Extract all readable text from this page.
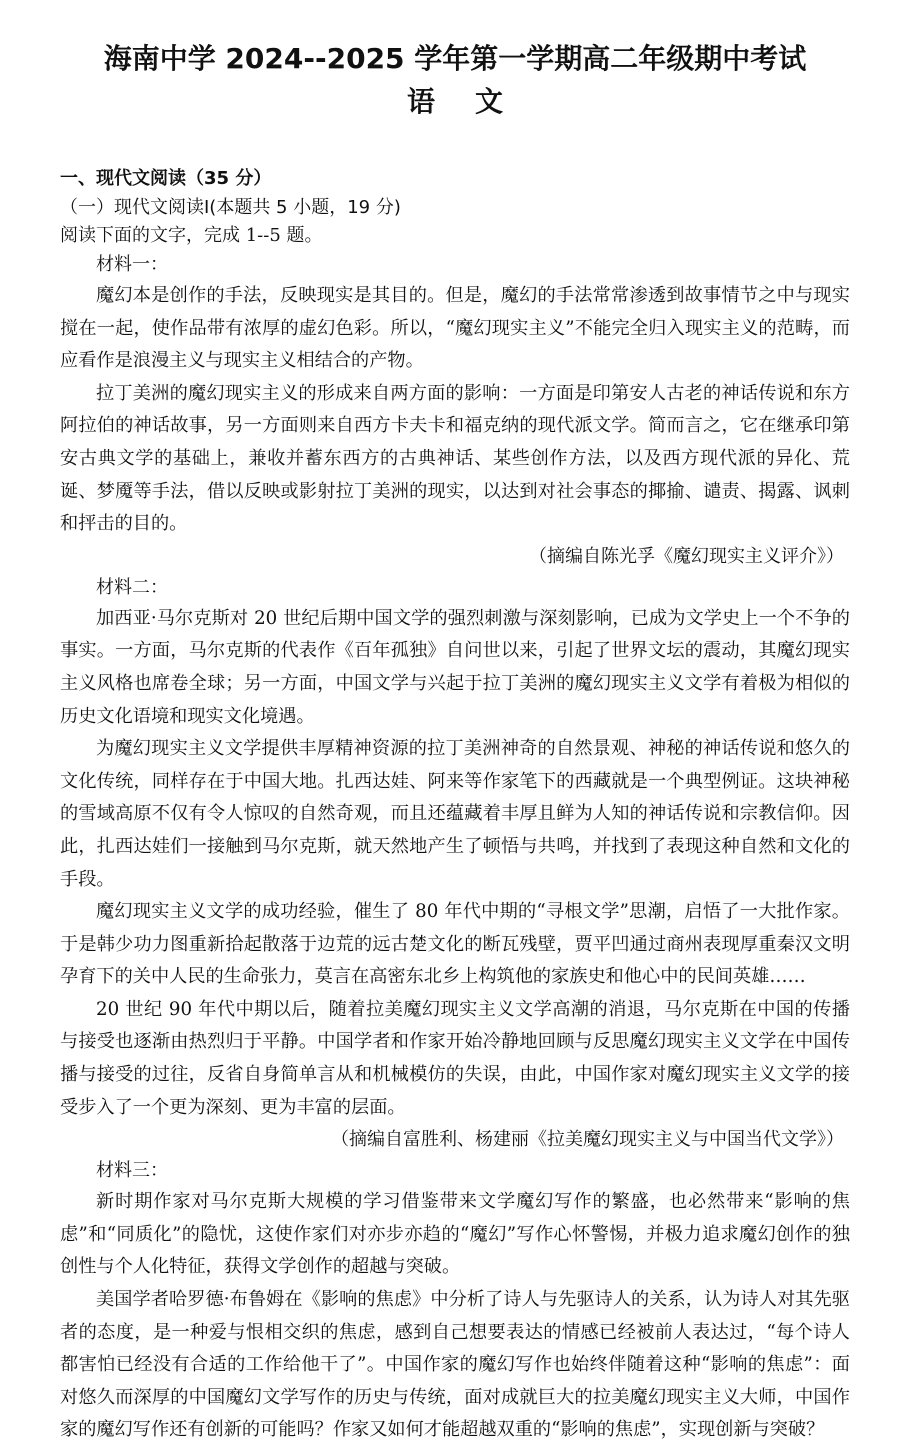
海南中学 2024--2025 学年第一学期高二年级期中考试
语文
一、现代文阅读（35 分）
（一）现代文阅读Ⅰ(本题共 5 小题，19 分)
阅读下面的文字，完成 1--5 题。
材料一：

魔幻本是创作的手法，反映现实是其目的。但是，魔幻的手法常常渗透到故事情节之中与现实搅在一起，使作品带有浓厚的虚幻色彩。所以，“魔幻现实主义”不能完全归入现实主义的范畴，而应看作是浪漫主义与现实主义相结合的产物。

拉丁美洲的魔幻现实主义的形成来自两方面的影响：一方面是印第安人古老的神话传说和东方阿拉伯的神话故事，另一方面则来自西方卡夫卡和福克纳的现代派文学。简而言之，它在继承印第安古典文学的基础上，兼收并蓄东西方的古典神话、某些创作方法，以及西方现代派的异化、荒诞、梦魇等手法，借以反映或影射拉丁美洲的现实，以达到对社会事态的揶揄、谴责、揭露、讽刺和抨击的目的。

（摘编自陈光孚《魔幻现实主义评介》）

材料二：

加西亚·马尔克斯对 20 世纪后期中国文学的强烈刺激与深刻影响，已成为文学史上一个不争的事实。一方面，马尔克斯的代表作《百年孤独》自问世以来，引起了世界文坛的震动，其魔幻现实主义风格也席卷全球；另一方面，中国文学与兴起于拉丁美洲的魔幻现实主义文学有着极为相似的历史文化语境和现实文化境遇。

为魔幻现实主义文学提供丰厚精神资源的拉丁美洲神奇的自然景观、神秘的神话传说和悠久的文化传统，同样存在于中国大地。扎西达娃、阿来等作家笔下的西藏就是一个典型例证。这块神秘的雪域高原不仅有令人惊叹的自然奇观，而且还蕴藏着丰厚且鲜为人知的神话传说和宗教信仰。因此，扎西达娃们一接触到马尔克斯，就天然地产生了顿悟与共鸣，并找到了表现这种自然和文化的手段。

魔幻现实主义文学的成功经验，催生了 80 年代中期的“寻根文学”思潮，启悟了一大批作家。于是韩少功力图重新拾起散落于边荒的远古楚文化的断瓦残壁，贾平凹通过商州表现厚重秦汉文明孕育下的关中人民的生命张力，莫言在高密东北乡上构筑他的家族史和他心中的民间英雄……

20 世纪 90 年代中期以后，随着拉美魔幻现实主义文学高潮的消退，马尔克斯在中国的传播与接受也逐渐由热烈归于平静。中国学者和作家开始冷静地回顾与反思魔幻现实主义文学在中国传播与接受的过往，反省自身简单言从和机械模仿的失误，由此，中国作家对魔幻现实主义文学的接受步入了一个更为深刻、更为丰富的层面。

（摘编自富胜利、杨建丽《拉美魔幻现实主义与中国当代文学》）

材料三：

新时期作家对马尔克斯大规模的学习借鉴带来文学魔幻写作的繁盛，也必然带来“影响的焦虑”和“同质化”的隐忧，这使作家们对亦步亦趋的“魔幻”写作心怀警惕，并极力追求魔幻创作的独创性与个人化特征，获得文学创作的超越与突破。

美国学者哈罗德·布鲁姆在《影响的焦虑》中分析了诗人与先驱诗人的关系，认为诗人对其先驱者的态度，是一种爱与恨相交织的焦虑，感到自己想要表达的情感已经被前人表达过，“每个诗人都害怕已经没有合适的工作给他干了”。中国作家的魔幻写作也始终伴随着这种“影响的焦虑”：面对悠久而深厚的中国魔幻文学写作的历史与传统，面对成就巨大的拉美魔幻现实主义大师，中国作家的魔幻写作还有创新的可能吗？作家又如何才能超越双重的“影响的焦虑”，实现创新与突破？
